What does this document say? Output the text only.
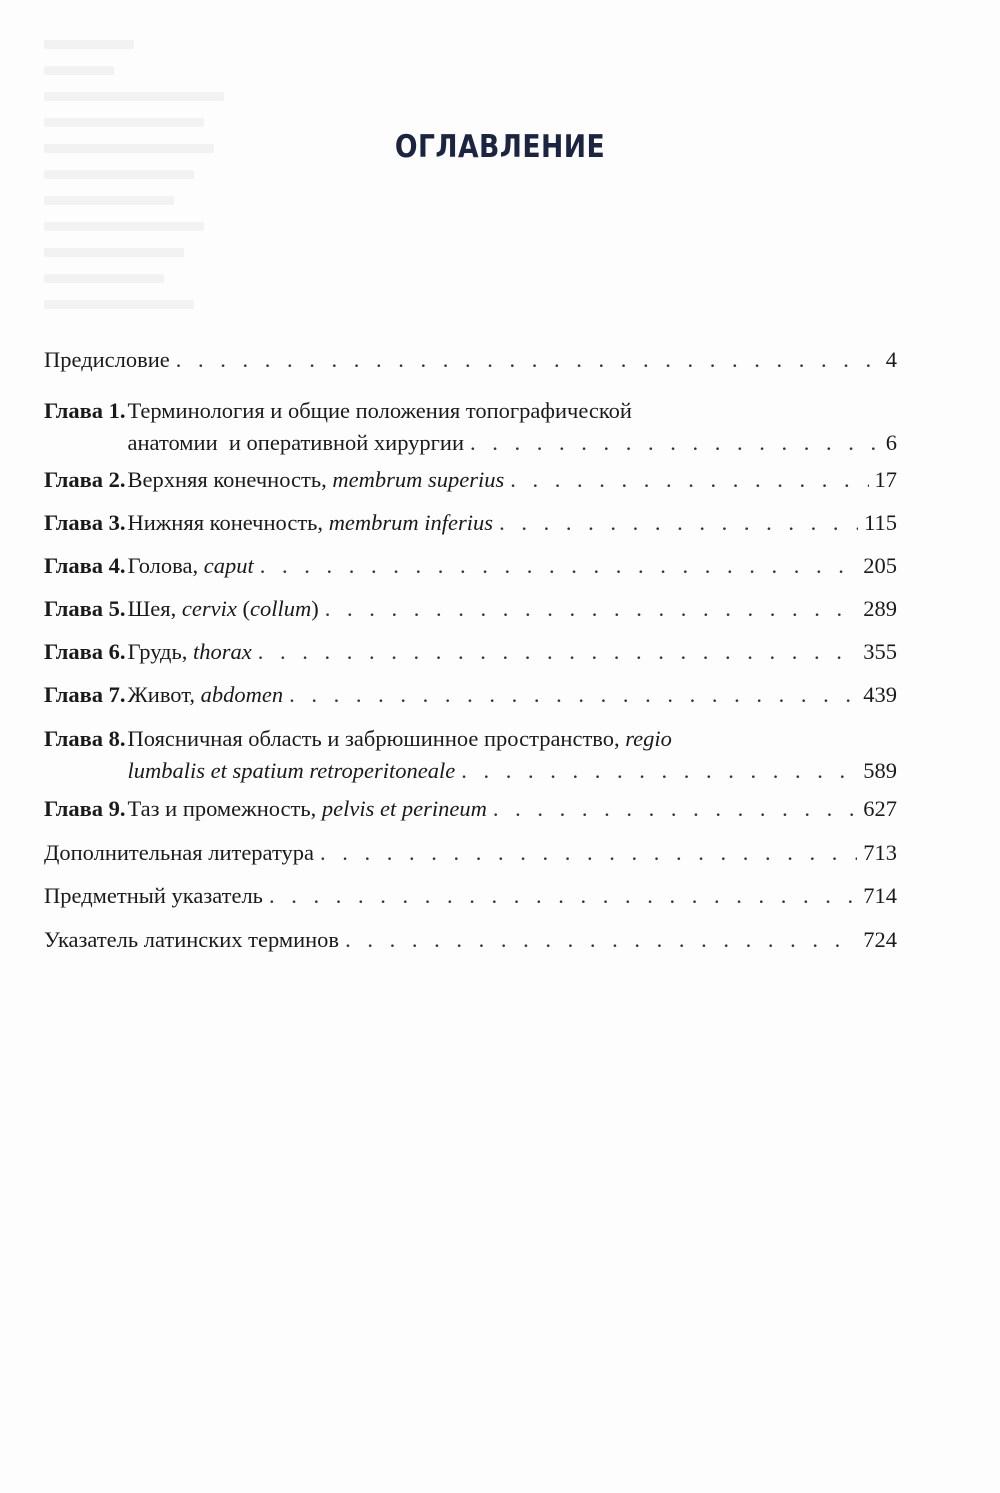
ОГЛАВЛЕНИЕ
Предисловие . . .	4
Глава 1. Терминология и общие положения топографической
анатомии  и оперативной хирургии . . .	6
Глава 2. Верхняя конечность, membrum superius . . .	17
Глава 3. Нижняя конечность, membrum inferius . . .	115
Глава 4. Голова, caput . . .	205
Глава 5. Шея, cervix (collum) . . .	289
Глава 6. Грудь, thorax . . .	355
Глава 7. Живот, abdomen . . .	439
Глава 8. Поясничная область и забрюшинное пространство, regio
lumbalis et spatium retroperitoneale . . .	589
Глава 9. Таз и промежность, pelvis et perineum . . .	627
Дополнительная литература . . .	713
Предметный указатель . . .	714
Указатель латинских терминов . . .	724
